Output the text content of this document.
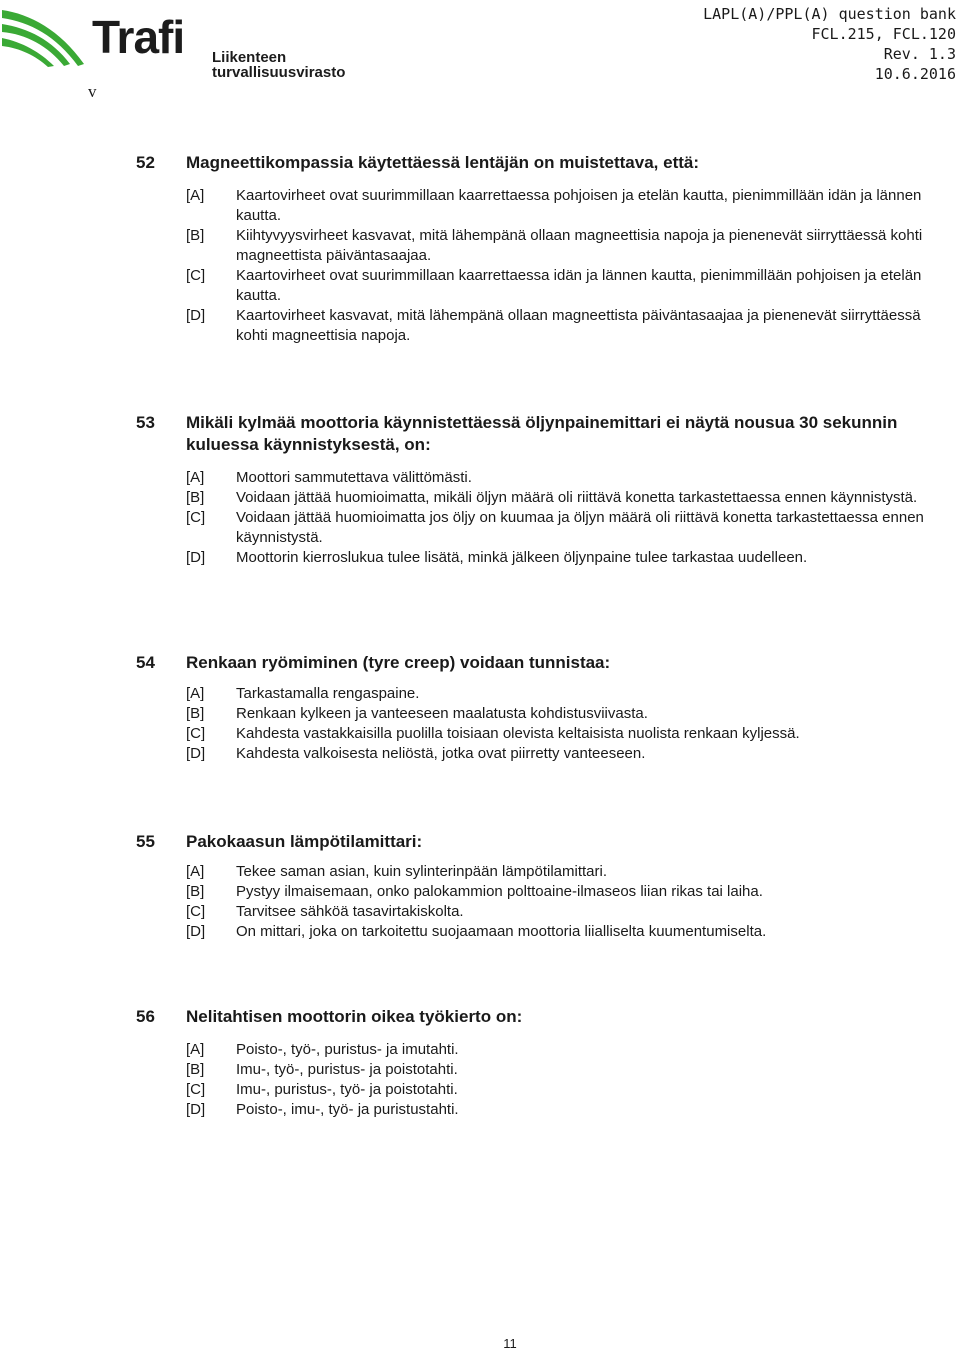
Trafi Liikenteen turvallisuusvirasto

LAPL(A)/PPL(A) question bank
FCL.215, FCL.120
Rev. 1.3
10.6.2016
v
52 Magneettikompassia käytettäessä lentäjän on muistettava, että:
[A] Kaartovirheet ovat suurimmillaan kaarrettaessa pohjoisen ja etelän kautta, pienimmillään idän ja lännen kautta.
[B] Kiihtyvyysvirheet kasvavat, mitä lähempänä ollaan magneettisia napoja ja pienenevät siirryttäessä kohti magneettista päiväntasaajaa.
[C] Kaartovirheet ovat suurimmillaan kaarrettaessa idän ja lännen kautta, pienimmillään pohjoisen ja etelän kautta.
[D] Kaartovirheet kasvavat, mitä lähempänä ollaan magneettista päiväntasaajaa ja pienenevät siirryttäessä kohti magneettisia napoja.
53 Mikäli kylmää moottoria käynnistettäessä öljynpainemittari ei näytä nousua 30 sekunnin kuluessa käynnistyksestä, on:
[A] Moottori sammutettava välittömästi.
[B] Voidaan jättää huomioimatta, mikäli öljyn määrä oli riittävä konetta tarkastettaessa ennen käynnistystä.
[C] Voidaan jättää huomioimatta jos öljy on kuumaa ja öljyn määrä oli riittävä konetta tarkastettaessa ennen käynnistystä.
[D] Moottorin kierroslukua tulee lisätä, minkä jälkeen öljynpaine tulee tarkastaa uudelleen.
54 Renkaan ryömiminen (tyre creep) voidaan tunnistaa:
[A] Tarkastamalla rengaspaine.
[B] Renkaan kylkeen ja vanteeseen maalatusta kohdistusviivasta.
[C] Kahdesta vastakkaisilla puolilla toisiaan olevista keltaisista nuolista renkaan kyljessä.
[D] Kahdesta valkoisesta neliöstä, jotka ovat piirretty vanteeseen.
55 Pakokaasun lämpötilamittari:
[A] Tekee saman asian, kuin sylinterinpään lämpötilamittari.
[B] Pystyy ilmaisemaan, onko palokammion polttoaine-ilmaseos liian rikas tai laiha.
[C] Tarvitsee sähköä tasavirtakiskolta.
[D] On mittari, joka on tarkoitettu suojaamaan moottoria liialliselta kuumentumiselta.
56 Nelitahtisen moottorin oikea työkierto on:
[A] Poisto-, työ-, puristus- ja imutahti.
[B] Imu-, työ-, puristus- ja poistotahti.
[C] Imu-, puristus-, työ- ja poistotahti.
[D] Poisto-, imu-, työ- ja puristustahti.
11
